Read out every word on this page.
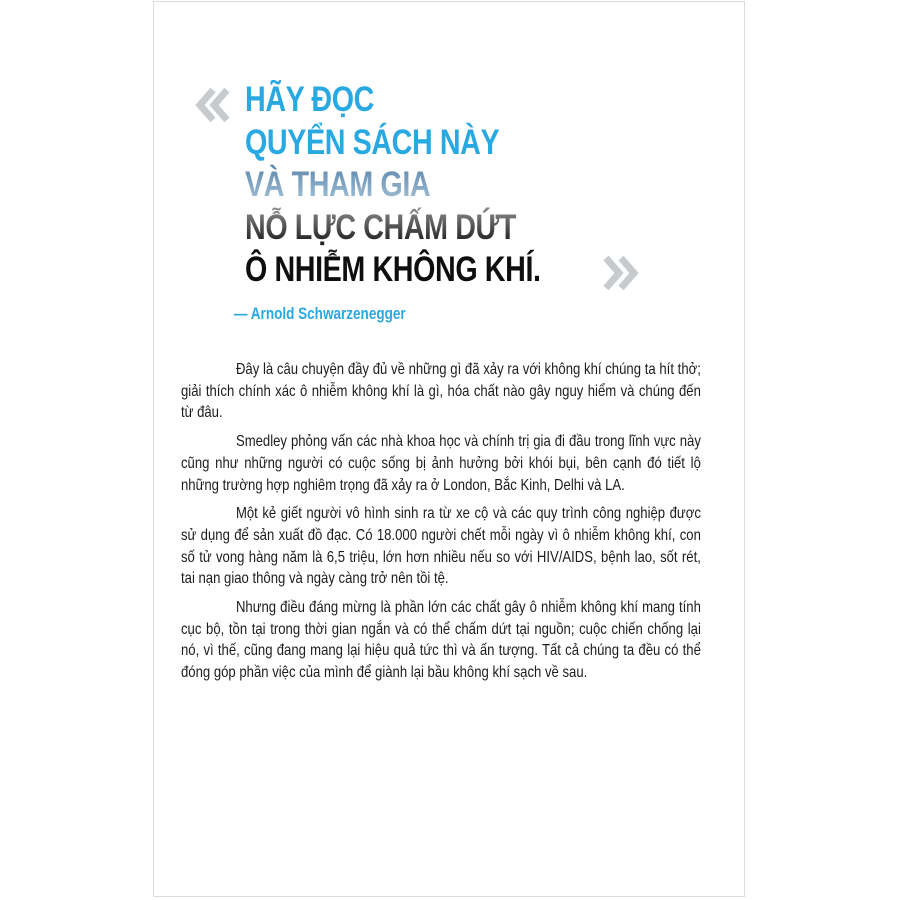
HÃY ĐỌC
QUYỂN SÁCH NÀY
VÀ THAM GIA
NỖ LỰC CHẤM DỨT
Ô NHIỄM KHÔNG KHÍ.
— Arnold Schwarzenegger

Đây là câu chuyện đầy đủ về những gì đã xảy ra với không khí chúng ta hít thở; giải thích chính xác ô nhiễm không khí là gì, hóa chất nào gây nguy hiểm và chúng đến từ đâu.

Smedley phỏng vấn các nhà khoa học và chính trị gia đi đầu trong lĩnh vực này cũng như những người có cuộc sống bị ảnh hưởng bởi khói bụi, bên cạnh đó tiết lộ những trường hợp nghiêm trọng đã xảy ra ở London, Bắc Kinh, Delhi và LA.

Một kẻ giết người vô hình sinh ra từ xe cộ và các quy trình công nghiệp được sử dụng để sản xuất đồ đạc. Có 18.000 người chết mỗi ngày vì ô nhiễm không khí, con số tử vong hàng năm là 6,5 triệu, lớn hơn nhiều nếu so với HIV/AIDS, bệnh lao, sốt rét, tai nạn giao thông và ngày càng trở nên tồi tệ.

Nhưng điều đáng mừng là phần lớn các chất gây ô nhiễm không khí mang tính cục bộ, tồn tại trong thời gian ngắn và có thể chấm dứt tại nguồn; cuộc chiến chống lại nó, vì thế, cũng đang mang lại hiệu quả tức thì và ấn tượng. Tất cả chúng ta đều có thể đóng góp phần việc của mình để giành lại bầu không khí sạch về sau.
